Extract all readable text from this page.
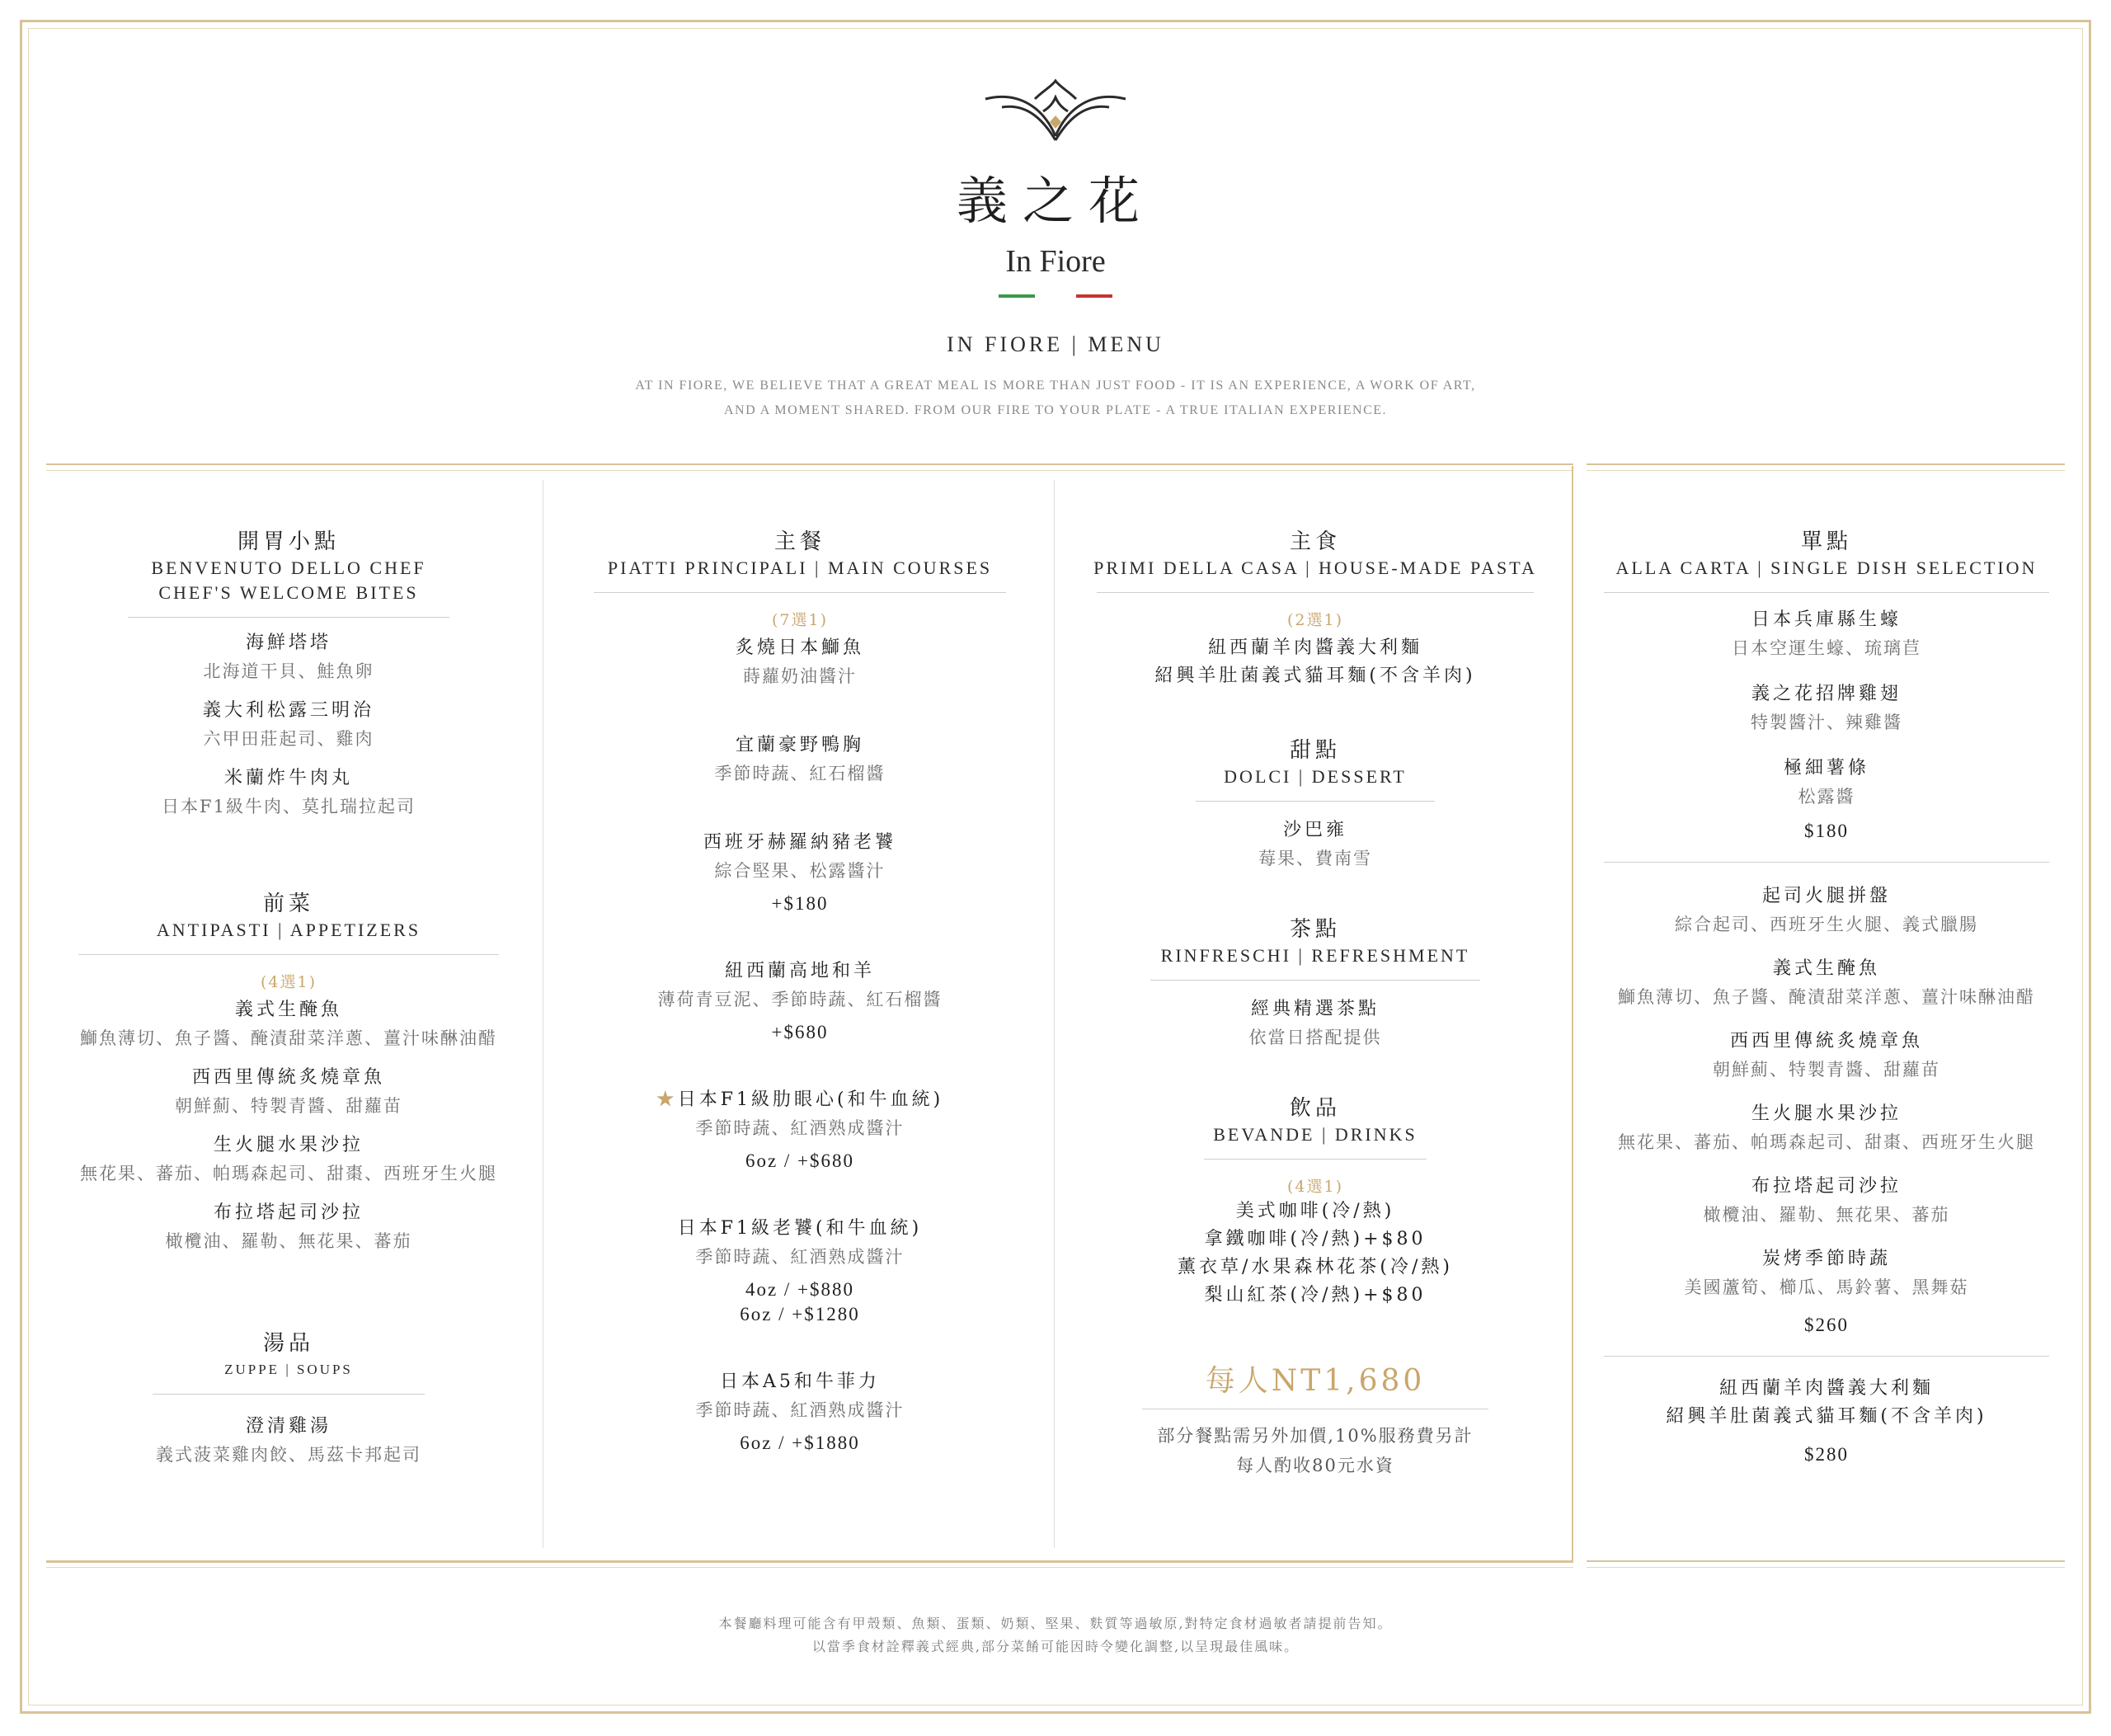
義之花
In Fiore
IN FIORE | MENU
AT IN FIORE, WE BELIEVE THAT A GREAT MEAL IS MORE THAN JUST FOOD - IT IS AN EXPERIENCE, A WORK OF ART,
AND A MOMENT SHARED. FROM OUR FIRE TO YOUR PLATE - A TRUE ITALIAN EXPERIENCE.
開胃小點
BENVENUTO DELLO CHEF
CHEF'S WELCOME BITES
海鮮塔塔
北海道干貝、鮭魚卵
義大利松露三明治
六甲田莊起司、雞肉
米蘭炸牛肉丸
日本F1級牛肉、莫扎瑞拉起司
前菜
ANTIPASTI | APPETIZERS
(4選1)
義式生醃魚
鰤魚薄切、魚子醬、醃漬甜菜洋蔥、薑汁味醂油醋
西西里傳統炙燒章魚
朝鮮薊、特製青醬、甜蘿苗
生火腿水果沙拉
無花果、蕃茄、帕瑪森起司、甜棗、西班牙生火腿
布拉塔起司沙拉
橄欖油、羅勒、無花果、蕃茄
湯品
ZUPPE | SOUPS
澄清雞湯
義式菠菜雞肉餃、馬茲卡邦起司
主餐
PIATTI PRINCIPALI | MAIN COURSES
(7選1)
炙燒日本鰤魚
蒔蘿奶油醬汁
宜蘭豪野鴨胸
季節時蔬、紅石榴醬
西班牙赫羅納豬老饕
綜合堅果、松露醬汁
+$180
紐西蘭高地和羊
薄荷青豆泥、季節時蔬、紅石榴醬
+$680
★日本F1級肋眼心(和牛血統)
季節時蔬、紅酒熟成醬汁
6oz / +$680
日本F1級老饕(和牛血統)
季節時蔬、紅酒熟成醬汁
4oz / +$880
6oz / +$1280
日本A5和牛菲力
季節時蔬、紅酒熟成醬汁
6oz / +$1880
主食
PRIMI DELLA CASA | HOUSE-MADE PASTA
(2選1)
紐西蘭羊肉醬義大利麵
紹興羊肚菌義式貓耳麵(不含羊肉)
甜點
DOLCI | DESSERT
沙巴雍
莓果、費南雪
茶點
RINFRESCHI | REFRESHMENT
經典精選茶點
依當日搭配提供
飲品
BEVANDE | DRINKS
(4選1)
美式咖啡(冷/熱)
拿鐵咖啡(冷/熱)+$80
薰衣草/水果森林花茶(冷/熱)
梨山紅茶(冷/熱)+$80
每人NT1,680
部分餐點需另外加價,10%服務費另計
每人酌收80元水資
單點
ALLA CARTA | SINGLE DISH SELECTION
日本兵庫縣生蠔
日本空運生蠔、琉璃苣
義之花招牌雞翅
特製醬汁、辣雞醬
極細薯條
松露醬
$180
起司火腿拼盤
綜合起司、西班牙生火腿、義式臘腸
義式生醃魚
鰤魚薄切、魚子醬、醃漬甜菜洋蔥、薑汁味醂油醋
西西里傳統炙燒章魚
朝鮮薊、特製青醬、甜蘿苗
生火腿水果沙拉
無花果、蕃茄、帕瑪森起司、甜棗、西班牙生火腿
布拉塔起司沙拉
橄欖油、羅勒、無花果、蕃茄
炭烤季節時蔬
美國蘆筍、櫛瓜、馬鈴薯、黑舞菇
$260
紐西蘭羊肉醬義大利麵
紹興羊肚菌義式貓耳麵(不含羊肉)
$280
本餐廳料理可能含有甲殼類、魚類、蛋類、奶類、堅果、麩質等過敏原,對特定食材過敏者請提前告知。
以當季食材詮釋義式經典,部分菜餚可能因時令變化調整,以呈現最佳風味。
